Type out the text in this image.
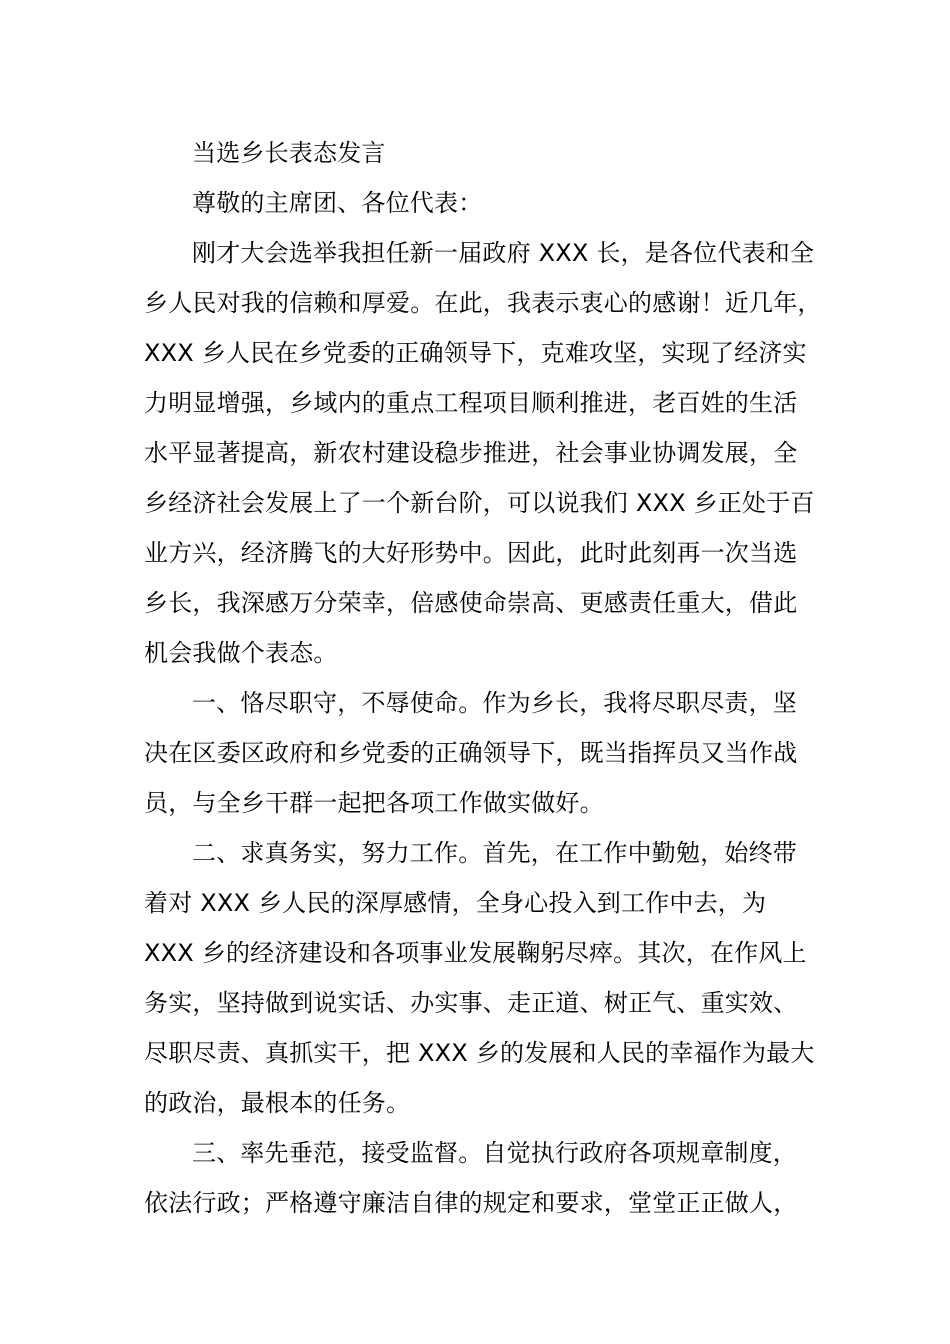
当选乡长表态发言
尊敬的主席团、各位代表：
刚才大会选举我担任新一届政府 XXX 长，是各位代表和全
乡人民对我的信赖和厚爱。在此，我表示衷心的感谢！近几年，
XXX 乡人民在乡党委的正确领导下，克难攻坚，实现了经济实
力明显增强，乡域内的重点工程项目顺利推进，老百姓的生活
水平显著提高，新农村建设稳步推进，社会事业协调发展，全
乡经济社会发展上了一个新台阶，可以说我们 XXX 乡正处于百
业方兴，经济腾飞的大好形势中。因此，此时此刻再一次当选
乡长，我深感万分荣幸，倍感使命崇高、更感责任重大，借此
机会我做个表态。
一、恪尽职守，不辱使命。作为乡长，我将尽职尽责，坚
决在区委区政府和乡党委的正确领导下，既当指挥员又当作战
员，与全乡干群一起把各项工作做实做好。
二、求真务实，努力工作。首先，在工作中勤勉，始终带
着对 XXX 乡人民的深厚感情，全身心投入到工作中去，为
XXX 乡的经济建设和各项事业发展鞠躬尽瘁。其次，在作风上
务实，坚持做到说实话、办实事、走正道、树正气、重实效、
尽职尽责、真抓实干，把 XXX 乡的发展和人民的幸福作为最大
的政治，最根本的任务。
三、率先垂范，接受监督。自觉执行政府各项规章制度，
依法行政；严格遵守廉洁自律的规定和要求，堂堂正正做人，
